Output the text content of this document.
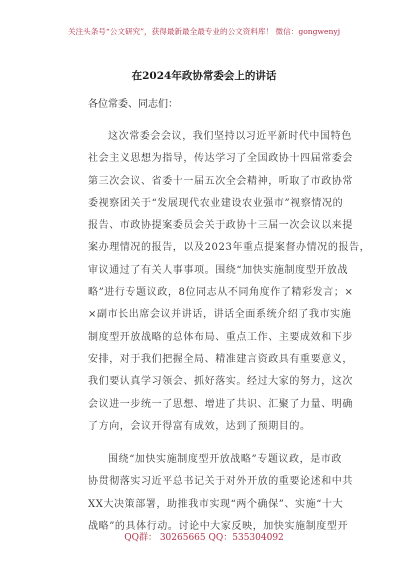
关注头条号“公文研究”，获得最新最全最专业的公文资料库！ 微信：gongwenyj
在2024年政协常委会上的讲话
各位常委、同志们：
这次常委会会议，我们坚持以习近平新时代中国特色
社会主义思想为指导，传达学习了全国政协十四届常委会
第三次会议、省委十一届五次全会精神，听取了市政协常
委视察团关于“发展现代农业建设农业强市”视察情况的
报告、市政协提案委员会关于政协十三届一次会议以来提
案办理情况的报告，以及2023年重点提案督办情况的报告，
审议通过了有关人事事项。围绕“加快实施制度型开放战
略”进行专题议政，8位同志从不同角度作了精彩发言；×
×副市长出席会议并讲话，讲话全面系统介绍了我市实施
制度型开放战略的总体布局、重点工作、主要成效和下步
安排，对于我们把握全局、精准建言资政具有重要意义，
我们要认真学习领会、抓好落实。经过大家的努力，这次
会议进一步统一了思想、增进了共识、汇聚了力量、明确
了方向，会议开得富有成效，达到了预期目的。
围绕“加快实施制度型开放战略”专题议政，是市政
协贯彻落实习近平总书记关于对外开放的重要论述和中共
XX大决策部署，助推我市实现“两个确保”、实施“十大
战略”的具体行动。讨论中大家反映，加快实施制度型开
QQ群： 30265665 QQ：535304092
